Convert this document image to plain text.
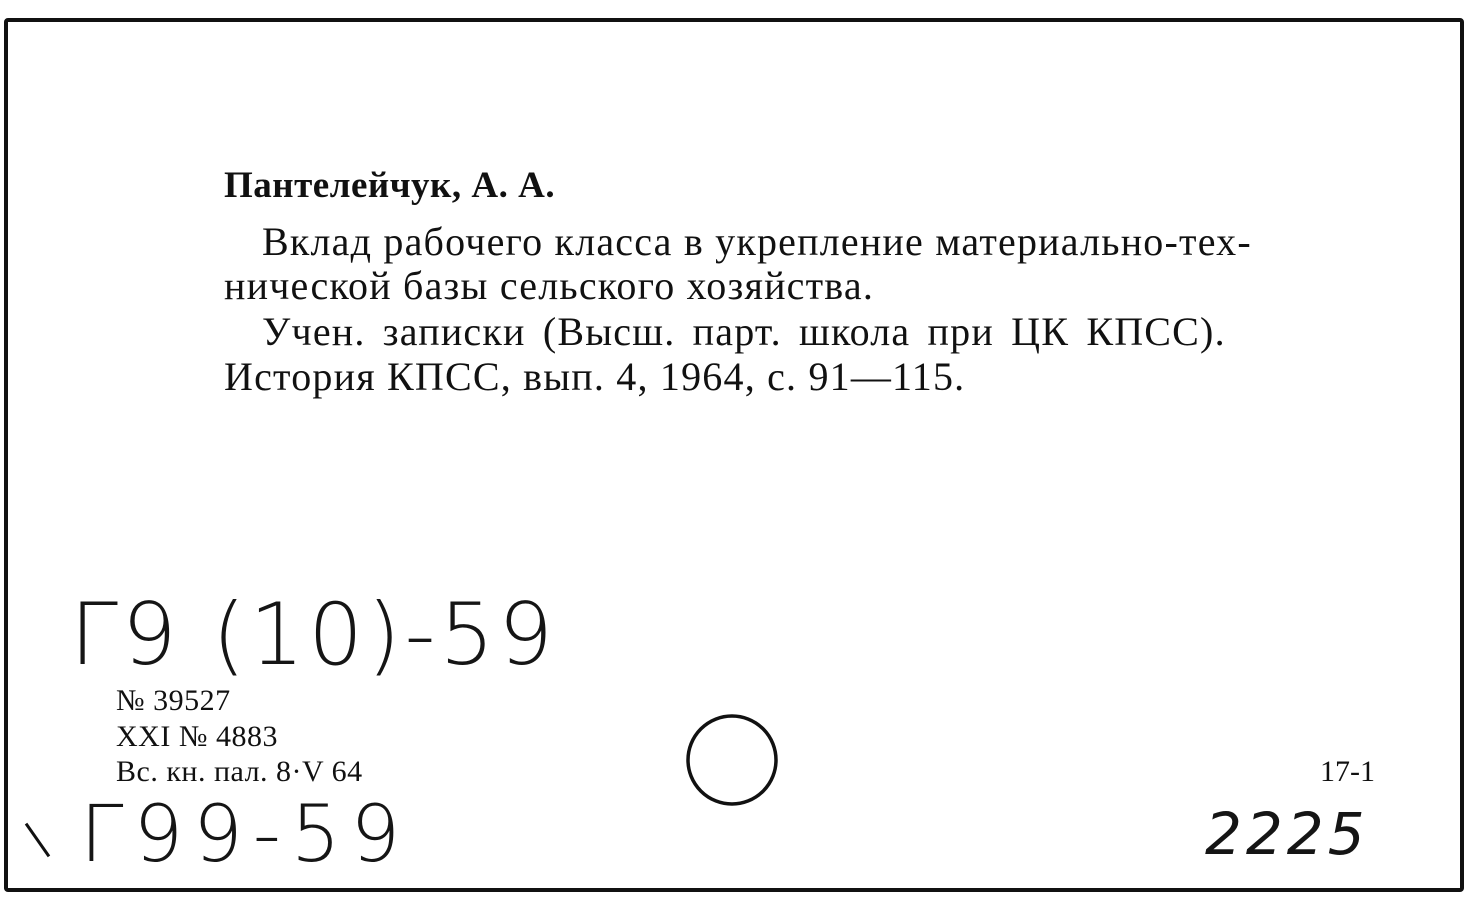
Пантелейчук, А. А.
Вклад рабочего класса в укрепление материально-тех-
нической базы сельского хозяйства.
Учен. записки (Высш. парт. школа при ЦК КПСС).
История КПСС, вып. 4, 1964, с. 91—115.
Г9 (10)-59
№ 39527
XXI № 4883
Вс. кн. пал. 8·V 64	17-1
Г99-59	2225
